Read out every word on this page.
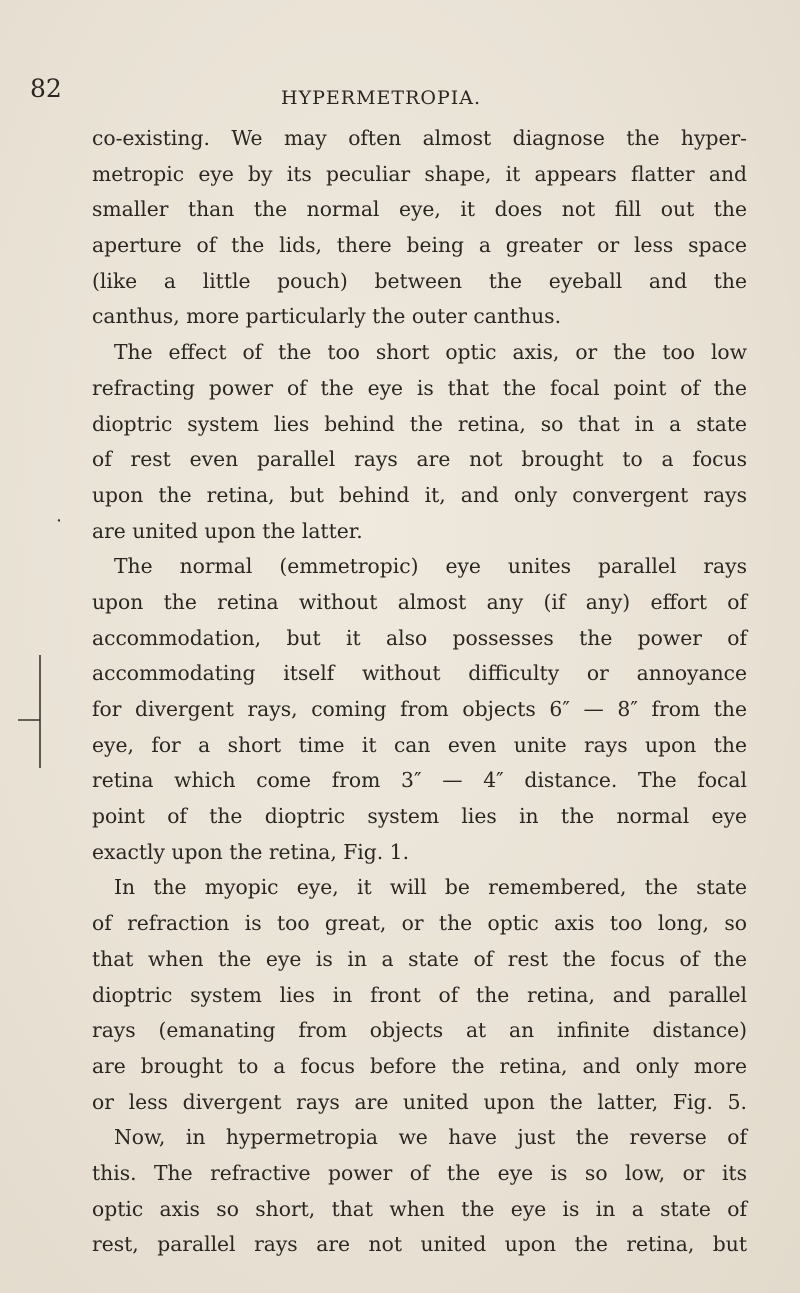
82	HYPERMETROPIA.
co-existing. We may often almost diagnose the hyper-
metropic eye by its peculiar shape, it appears flatter and
smaller than the normal eye, it does not fill out the
aperture of the lids, there being a greater or less space
(like a little pouch) between the eyeball and the
canthus, more particularly the outer canthus.
The effect of the too short optic axis, or the too low
refracting power of the eye is that the focal point of the
dioptric system lies behind the retina, so that in a state
of rest even parallel rays are not brought to a focus
upon the retina, but behind it, and only convergent rays
are united upon the latter.
The normal (emmetropic) eye unites parallel rays
upon the retina without almost any (if any) effort of
accommodation, but it also possesses the power of
accommodating itself without difficulty or annoyance
for divergent rays, coming from objects 6″ — 8″ from the
eye, for a short time it can even unite rays upon the
retina which come from 3″ — 4″ distance. The focal
point of the dioptric system lies in the normal eye
exactly upon the retina, Fig. 1.
In the myopic eye, it will be remembered, the state
of refraction is too great, or the optic axis too long, so
that when the eye is in a state of rest the focus of the
dioptric system lies in front of the retina, and parallel
rays (emanating from objects at an infinite distance)
are brought to a focus before the retina, and only more
or less divergent rays are united upon the latter, Fig. 5.
Now, in hypermetropia we have just the reverse of
this. The refractive power of the eye is so low, or its
optic axis so short, that when the eye is in a state of
rest, parallel rays are not united upon the retina, but
